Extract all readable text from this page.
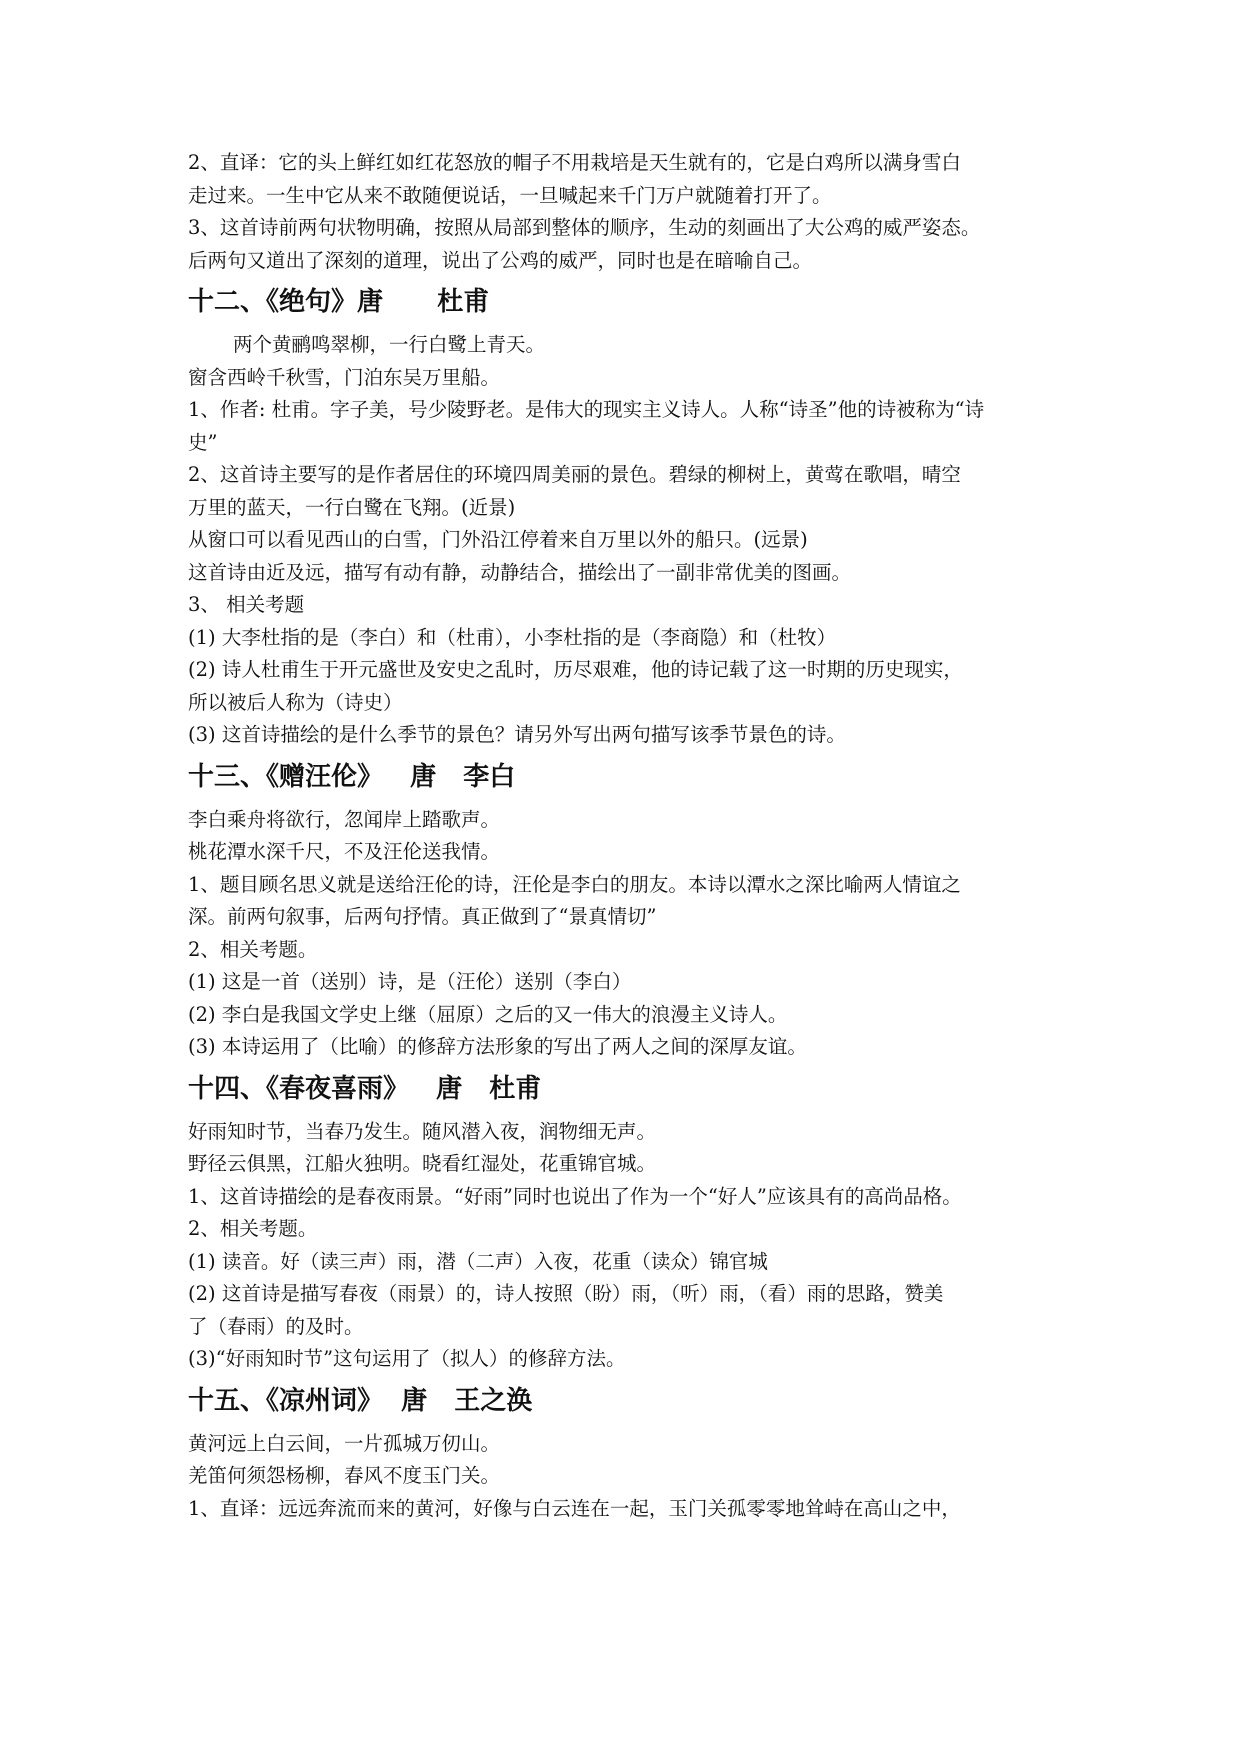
2、直译：它的头上鲜红如红花怒放的帽子不用栽培是天生就有的，它是白鸡所以满身雪白
走过来。一生中它从来不敢随便说话，一旦喊起来千门万户就随着打开了。
3、这首诗前两句状物明确，按照从局部到整体的顺序，生动的刻画出了大公鸡的威严姿态。
后两句又道出了深刻的道理，说出了公鸡的威严，同时也是在暗喻自己。
十二、《绝句》唐      杜甫
两个黄鹂鸣翠柳，一行白鹭上青天。
窗含西岭千秋雪，门泊东吴万里船。
1、作者: 杜甫。字子美，号少陵野老。是伟大的现实主义诗人。人称“诗圣”他的诗被称为“诗
史”
2、这首诗主要写的是作者居住的环境四周美丽的景色。碧绿的柳树上，黄莺在歌唱，晴空
万里的蓝天，一行白鹭在飞翔。(近景)
从窗口可以看见西山的白雪，门外沿江停着来自万里以外的船只。(远景)
这首诗由近及远，描写有动有静，动静结合，描绘出了一副非常优美的图画。
3、 相关考题
(1) 大李杜指的是（李白）和（杜甫），小李杜指的是（李商隐）和（杜牧）
(2) 诗人杜甫生于开元盛世及安史之乱时，历尽艰难，他的诗记载了这一时期的历史现实，
所以被后人称为（诗史）
(3) 这首诗描绘的是什么季节的景色？请另外写出两句描写该季节景色的诗。
十三、《赠汪伦》   唐   李白
李白乘舟将欲行，忽闻岸上踏歌声。
桃花潭水深千尺，不及汪伦送我情。
1、题目顾名思义就是送给汪伦的诗，汪伦是李白的朋友。本诗以潭水之深比喻两人情谊之
深。前两句叙事，后两句抒情。真正做到了“景真情切”
2、相关考题。
(1) 这是一首（送别）诗，是（汪伦）送别（李白）
(2) 李白是我国文学史上继（屈原）之后的又一伟大的浪漫主义诗人。
(3) 本诗运用了（比喻）的修辞方法形象的写出了两人之间的深厚友谊。
十四、《春夜喜雨》   唐   杜甫
好雨知时节，当春乃发生。随风潜入夜，润物细无声。
野径云俱黑，江船火独明。晓看红湿处，花重锦官城。
1、这首诗描绘的是春夜雨景。“好雨”同时也说出了作为一个“好人”应该具有的高尚品格。
2、相关考题。
(1) 读音。好（读三声）雨，潜（二声）入夜，花重（读众）锦官城
(2) 这首诗是描写春夜（雨景）的，诗人按照（盼）雨，（听）雨，（看）雨的思路，赞美
了（春雨）的及时。
(3)“好雨知时节”这句运用了（拟人）的修辞方法。
十五、《凉州词》  唐   王之涣
黄河远上白云间，一片孤城万仞山。
羌笛何须怨杨柳，春风不度玉门关。
1、直译：远远奔流而来的黄河，好像与白云连在一起，玉门关孤零零地耸峙在高山之中，
